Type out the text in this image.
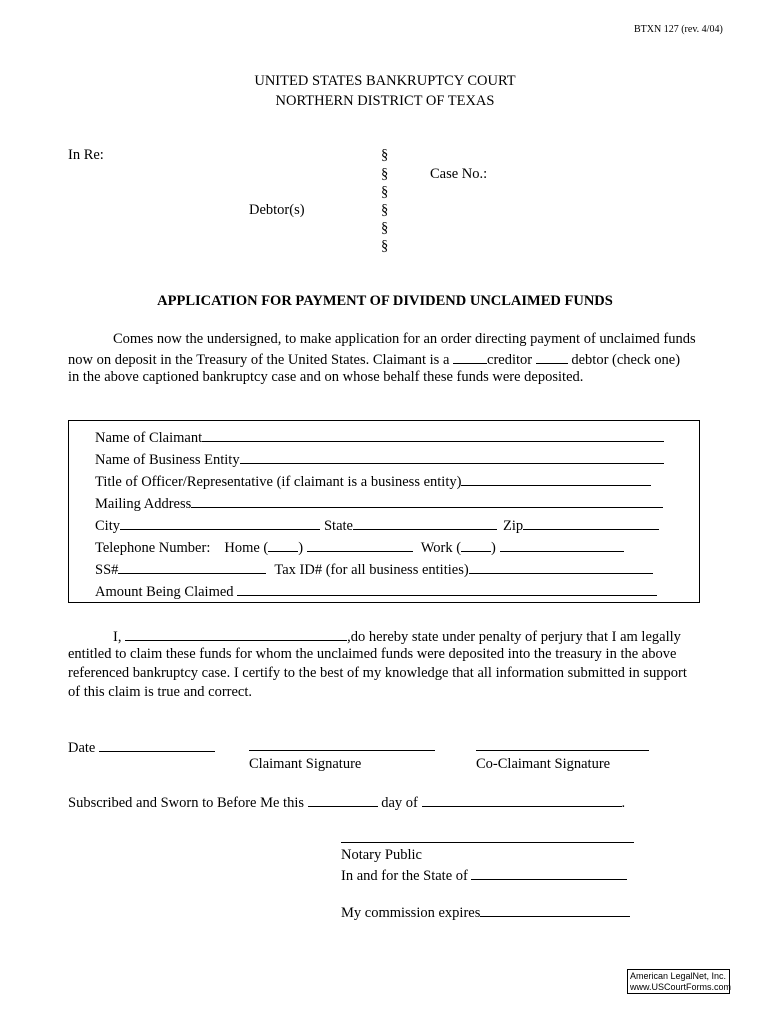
BTXN 127 (rev. 4/04)
UNITED STATES BANKRUPTCY COURT
NORTHERN DISTRICT OF TEXAS
In Re:	§
§
§
§
§
§
Case No.:
Debtor(s)
APPLICATION FOR PAYMENT OF DIVIDEND UNCLAIMED FUNDS
Comes now the undersigned, to make application for an order directing payment of unclaimed funds
now on deposit in the Treasury of the United States. Claimant is a creditor  debtor (check one)
in the above captioned bankruptcy case and on whose behalf these funds were deposited.
Name of Claimant
Name of Business Entity
Title of Officer/Representative (if claimant is a business entity)
Mailing Address
City	State	Zip
Telephone Number: Home ( )	Work ( )
SS#	Tax ID# (for all business entities)
Amount Being Claimed
I,	,do hereby state under penalty of perjury that I am legally
entitled to claim these funds for whom the unclaimed funds were deposited into the treasury in the above
referenced bankruptcy case. I certify to the best of my knowledge that all information submitted in support
of this claim is true and correct.
Date
Claimant Signature	Co-Claimant Signature
Subscribed and Sworn to Before Me this	day of	.
Notary Public
In and for the State of
My commission expires
American LegalNet, Inc.
www.USCourtForms.com
